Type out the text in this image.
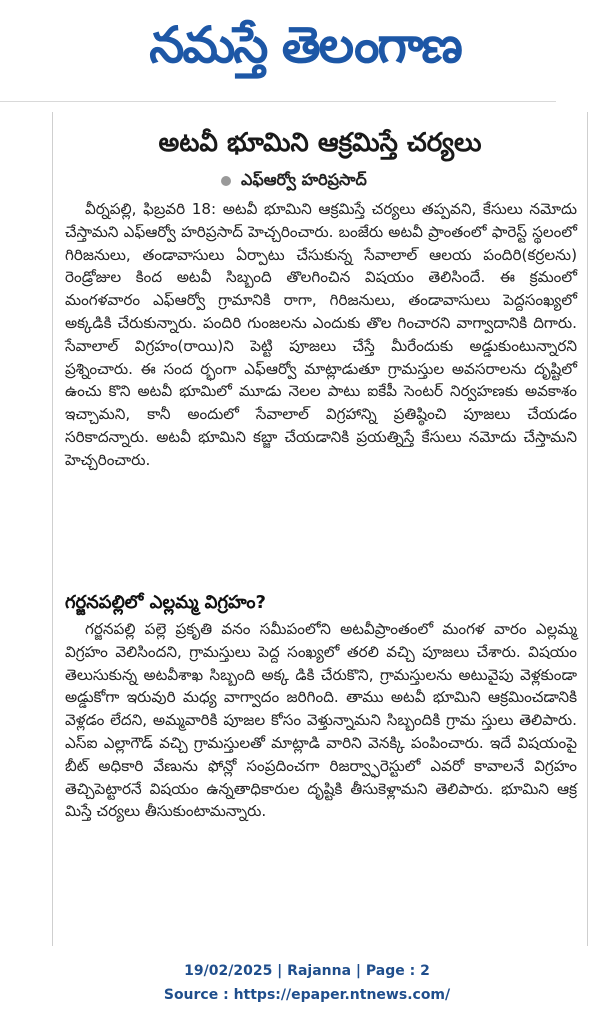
నమస్తే తెలంగాణ
అటవీ భూమిని ఆక్రమిస్తే చర్యలు
ఎఫ్ఆర్వో హరిప్రసాద్

వీర్నపల్లి, ఫిబ్రవరి 18: అటవీ భూమిని ఆక్రమిస్తే చర్యలు తప్పవని, కేసులు నమోదు చేస్తామని ఎఫ్ఆర్వో హరిప్రసాద్ హెచ్చరించారు. బంజేరు అటవీ ప్రాంతంలో ఫారెస్ట్ స్థలంలో గిరిజనులు, తండావాసులు ఏర్పాటు చేసుకున్న సేవాలాల్ ఆలయ పందిరి(కర్రలను) రెండ్రోజుల కింద అటవీ సిబ్బంది తొలగించిన విషయం తెలిసిందే. ఈ క్రమంలో మంగళవారం ఎఫ్ఆర్వో గ్రామానికి రాగా, గిరిజనులు, తండావాసులు పెద్దసంఖ్యలో అక్కడికి చేరుకున్నారు. పందిరి గుంజలను ఎందుకు తొల గించారని వాగ్వాదానికి దిగారు. సేవాలాల్ విగ్రహం(రాయి)ని పెట్టి పూజలు చేస్తే మీరేందుకు అడ్డుకుంటున్నారని ప్రశ్నించారు. ఈ సంద ర్భంగా ఎఫ్ఆర్వో మాట్లాడుతూ గ్రామస్తుల అవసరాలను దృష్టిలో ఉంచు కొని అటవీ భూమిలో మూడు నెలల పాటు ఐకేపీ సెంటర్ నిర్వహణకు అవకాశం ఇచ్చామని, కానీ అందులో సేవాలాల్ విగ్రహాన్ని ప్రతిష్ఠించి పూజలు చేయడం సరికాదన్నారు. అటవీ భూమిని కబ్జా చేయడానికి ప్రయత్నిస్తే కేసులు నమోదు చేస్తామని హెచ్చరించారు.

గర్జనపల్లిలో ఎల్లమ్మ విగ్రహం?

గర్జనపల్లి పల్లె ప్రకృతి వనం సమీపంలోని అటవీప్రాంతంలో మంగళ వారం ఎల్లమ్మ విగ్రహం వెలిసిందని, గ్రామస్తులు పెద్ద సంఖ్యలో తరలి వచ్చి పూజలు చేశారు. విషయం తెలుసుకున్న అటవీశాఖ సిబ్బంది అక్క డికి చేరుకొని, గ్రామస్తులను అటువైపు వెళ్లకుండా అడ్డుకోగా ఇరువురి మధ్య వాగ్వాదం జరిగింది. తాము అటవీ భూమిని ఆక్రమించడానికి వెళ్లడం లేదని, అమ్మవారికి పూజల కోసం వెళ్తున్నామని సిబ్బందికి గ్రామ స్తులు తెలిపారు. ఎస్ఐ ఎల్లాగౌడ్ వచ్చి గ్రామస్తులతో మాట్లాడి వారిని వెనక్కి పంపించారు. ఇదే విషయంపై బీట్ అధికారి వేణును ఫోన్లో సంప్రదించగా రిజర్వ్ఫారెస్టులో ఎవరో కావాలనే విగ్రహం తెచ్చిపెట్టారనే విషయం ఉన్నతాధికారుల దృష్టికి తీసుకెళ్లామని తెలిపారు. భూమిని ఆక్ర మిస్తే చర్యలు తీసుకుంటామన్నారు.

19/02/2025 | Rajanna | Page : 2
Source : https://epaper.ntnews.com/
